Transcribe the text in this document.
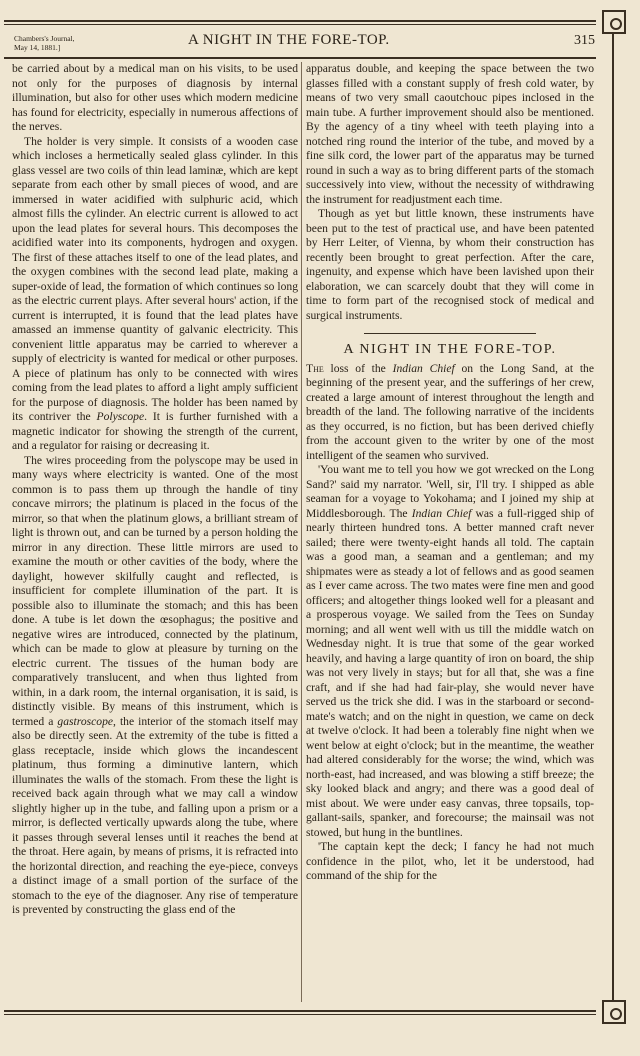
Chambers's Journal,
May 14, 1881.]	A NIGHT IN THE FORE-TOP.	315

be carried about by a medical man on his visits, to be used not only for the purposes of diagnosis by internal illumination, but also for other uses which modern medicine has found for electricity, especially in numerous affections of the nerves.

The holder is very simple. It consists of a wooden case which incloses a hermetically sealed glass cylinder. In this glass vessel are two coils of thin lead laminæ, which are kept separate from each other by small pieces of wood, and are immersed in water acidified with sulphuric acid, which almost fills the cylinder. An electric current is allowed to act upon the lead plates for several hours. This decomposes the acidified water into its components, hydrogen and oxygen. The first of these attaches itself to one of the lead plates, and the oxygen combines with the second lead plate, making a super-oxide of lead, the formation of which continues so long as the electric current plays. After several hours' action, if the current is interrupted, it is found that the lead plates have amassed an immense quantity of galvanic electricity. This convenient little apparatus may be carried to wherever a supply of electricity is wanted for medical or other purposes. A piece of platinum has only to be connected with wires coming from the lead plates to afford a light amply sufficient for the purpose of diagnosis. The holder has been named by its contriver the Polyscope. It is further furnished with a magnetic indicator for showing the strength of the current, and a regulator for raising or decreasing it.

The wires proceeding from the polyscope may be used in many ways where electricity is wanted. One of the most common is to pass them up through the handle of tiny concave mirrors; the platinum is placed in the focus of the mirror, so that when the platinum glows, a brilliant stream of light is thrown out, and can be turned by a person holding the mirror in any direction. These little mirrors are used to examine the mouth or other cavities of the body, where the daylight, however skilfully caught and reflected, is insufficient for complete illumination of the part. It is possible also to illuminate the stomach; and this has been done. A tube is let down the œsophagus; the positive and negative wires are introduced, connected by the platinum, which can be made to glow at pleasure by turning on the electric current. The tissues of the human body are comparatively translucent, and when thus lighted from within, in a dark room, the internal organisation, it is said, is distinctly visible. By means of this instrument, which is termed a gastroscope, the interior of the stomach itself may also be directly seen. At the extremity of the tube is fitted a glass receptacle, inside which glows the incandescent platinum, thus forming a diminutive lantern, which illuminates the walls of the stomach. From these the light is received back again through what we may call a window slightly higher up in the tube, and falling upon a prism or a mirror, is deflected vertically upwards along the tube, where it passes through several lenses until it reaches the bend at the throat. Here again, by means of prisms, it is refracted into the horizontal direction, and reaching the eye-piece, conveys a distinct image of a small portion of the surface of the stomach to the eye of the diagnoser. Any rise of temperature is prevented by constructing the glass end of the

apparatus double, and keeping the space between the two glasses filled with a constant supply of fresh cold water, by means of two very small caoutchouc pipes inclosed in the main tube. A further improvement should also be mentioned. By the agency of a tiny wheel with teeth playing into a notched ring round the interior of the tube, and moved by a fine silk cord, the lower part of the apparatus may be turned round in such a way as to bring different parts of the stomach successively into view, without the necessity of withdrawing the instrument for readjustment each time.

Though as yet but little known, these instruments have been put to the test of practical use, and have been patented by Herr Leiter, of Vienna, by whom their construction has recently been brought to great perfection. After the care, ingenuity, and expense which have been lavished upon their elaboration, we can scarcely doubt that they will come in time to form part of the recognised stock of medical and surgical instruments.

A NIGHT IN THE FORE-TOP.

The loss of the Indian Chief on the Long Sand, at the beginning of the present year, and the sufferings of her crew, created a large amount of interest throughout the length and breadth of the land. The following narrative of the incidents as they occurred, is no fiction, but has been derived chiefly from the account given to the writer by one of the most intelligent of the seamen who survived.

'You want me to tell you how we got wrecked on the Long Sand?' said my narrator. 'Well, sir, I'll try. I shipped as able seaman for a voyage to Yokohama; and I joined my ship at Middlesborough. The Indian Chief was a full-rigged ship of nearly thirteen hundred tons. A better manned craft never sailed; there were twenty-eight hands all told. The captain was a good man, a seaman and a gentleman; and my shipmates were as steady a lot of fellows and as good seamen as I ever came across. The two mates were fine men and good officers; and altogether things looked well for a pleasant and a prosperous voyage. We sailed from the Tees on Sunday morning; and all went well with us till the middle watch on Wednesday night. It is true that some of the gear worked heavily, and having a large quantity of iron on board, the ship was not very lively in stays; but for all that, she was a fine craft, and if she had had fair-play, she would never have served us the trick she did. I was in the starboard or second-mate's watch; and on the night in question, we came on deck at twelve o'clock. It had been a tolerably fine night when we went below at eight o'clock; but in the meantime, the weather had altered considerably for the worse; the wind, which was north-east, had increased, and was blowing a stiff breeze; the sky looked black and angry; and there was a good deal of mist about. We were under easy canvas, three topsails, top-gallant-sails, spanker, and forecourse; the mainsail was not stowed, but hung in the buntlines.

'The captain kept the deck; I fancy he had not much confidence in the pilot, who, let it be understood, had command of the ship for the
